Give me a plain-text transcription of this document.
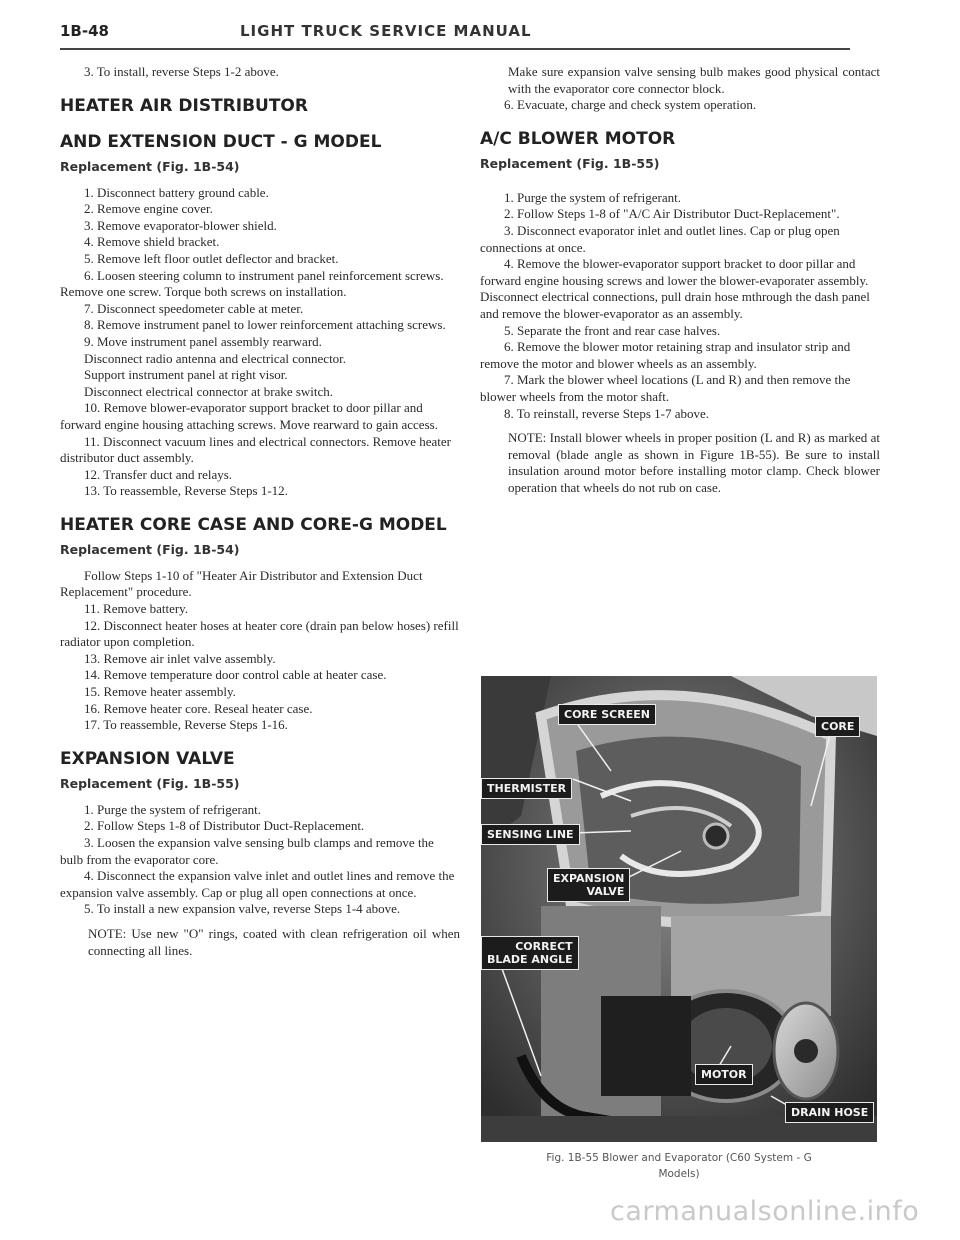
1B-48	LIGHT TRUCK SERVICE MANUAL

3. To install, reverse Steps 1-2 above.

HEATER AIR DISTRIBUTOR
AND EXTENSION DUCT - G MODEL
Replacement (Fig. 1B-54)

1. Disconnect battery ground cable.

2. Remove engine cover.

3. Remove evaporator-blower shield.

4. Remove shield bracket.

5. Remove left floor outlet deflector and bracket.

6. Loosen steering column to instrument panel reinforcement screws. Remove one screw. Torque both screws on installation.

7. Disconnect speedometer cable at meter.

8. Remove instrument panel to lower reinforcement attaching screws.

9. Move instrument panel assembly rearward.

Disconnect radio antenna and electrical connector.

Support instrument panel at right visor.

Disconnect electrical connector at brake switch.

10. Remove blower-evaporator support bracket to door pillar and forward engine housing attaching screws. Move rearward to gain access.

11. Disconnect vacuum lines and electrical connectors. Remove heater distributor duct assembly.

12. Transfer duct and relays.

13. To reassemble, Reverse Steps 1-12.

HEATER CORE CASE AND CORE-G MODEL
Replacement (Fig. 1B-54)

Follow Steps 1-10 of "Heater Air Distributor and Extension Duct Replacement" procedure.

11. Remove battery.

12. Disconnect heater hoses at heater core (drain pan below hoses) refill radiator upon completion.

13. Remove air inlet valve assembly.

14. Remove temperature door control cable at heater case.

15. Remove heater assembly.

16. Remove heater core. Reseal heater case.

17. To reassemble, Reverse Steps 1-16.

EXPANSION VALVE
Replacement (Fig. 1B-55)

1. Purge the system of refrigerant.

2. Follow Steps 1-8 of Distributor Duct-Replacement.

3. Loosen the expansion valve sensing bulb clamps and remove the bulb from the evaporator core.

4. Disconnect the expansion valve inlet and outlet lines and remove the expansion valve assembly. Cap or plug all open connections at once.

5. To install a new expansion valve, reverse Steps 1-4 above.

NOTE: Use new "O" rings, coated with clean refrigeration oil when connecting all lines.

Make sure expansion valve sensing bulb makes good physical contact with the evaporator core connector block.

6. Evacuate, charge and check system operation.

A/C BLOWER MOTOR
Replacement (Fig. 1B-55)

1. Purge the system of refrigerant.

2. Follow Steps 1-8 of "A/C Air Distributor Duct-Replacement".

3. Disconnect evaporator inlet and outlet lines. Cap or plug open connections at once.

4. Remove the blower-evaporator support bracket to door pillar and forward engine housing screws and lower the blower-evaporater assembly. Disconnect electrical connections, pull drain hose mthrough the dash panel and remove the blower-evaporator as an assembly.

5. Separate the front and rear case halves.

6. Remove the blower motor retaining strap and insulator strip and remove the motor and blower wheels as an assembly.

7. Mark the blower wheel locations (L and R) and then remove the blower wheels from the motor shaft.

8. To reinstall, reverse Steps 1-7 above.

NOTE: Install blower wheels in proper position (L and R) as marked at removal (blade angle as shown in Figure 1B-55). Be sure to install insulation around motor before installing motor clamp. Check blower operation that wheels do not rub on case.

CORE SCREEN
CORE
THERMISTER
SENSING LINE
EXPANSION
VALVE
CORRECT
BLADE ANGLE
MOTOR
DRAIN HOSE
Fig. 1B-55 Blower and Evaporator (C60 System - G
Models)
carmanualsonline.info
